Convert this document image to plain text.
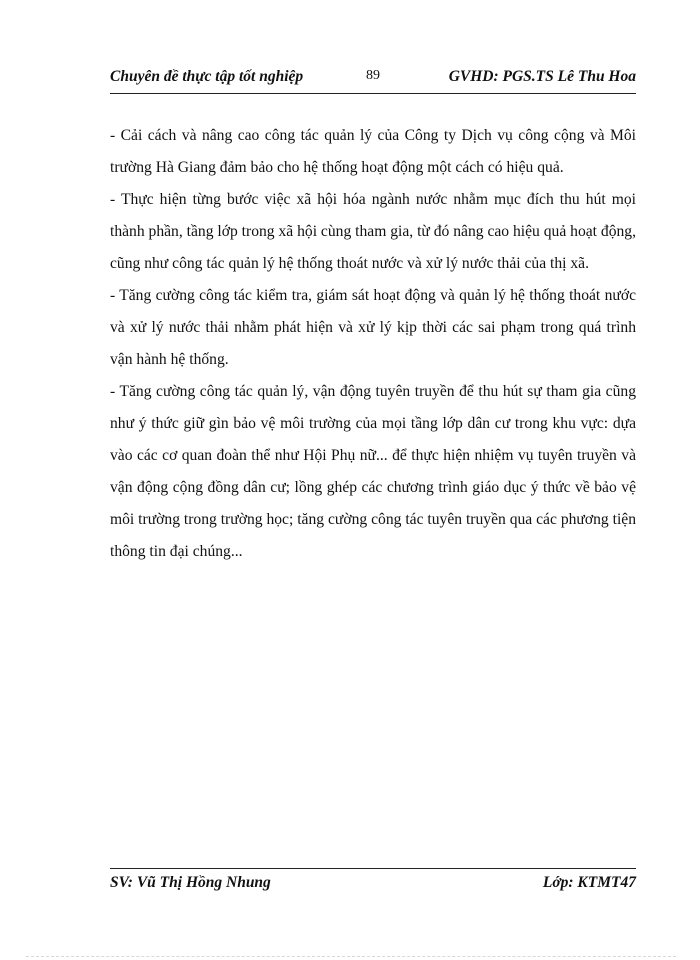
Chuyên đề thực tập tốt nghiệp	89	GVHD: PGS.TS Lê Thu Hoa

- Cải cách và nâng cao công tác quản lý của Công ty Dịch vụ công cộng và Môi trường Hà Giang đảm bảo cho hệ thống hoạt động một cách có hiệu quả.

- Thực hiện từng bước việc xã hội hóa ngành nước nhằm mục đích thu hút mọi thành phần, tầng lớp trong xã hội cùng tham gia, từ đó nâng cao hiệu quả hoạt động, cũng như công tác quản lý hệ thống thoát nước và xử lý nước thải của thị xã.

- Tăng cường công tác kiểm tra, giám sát hoạt động và quản lý hệ thống thoát nước và xử lý nước thải nhằm phát hiện và xử lý kịp thời các sai phạm trong quá trình vận hành hệ thống.

- Tăng cường công tác quản lý, vận động tuyên truyền để thu hút sự tham gia cũng như ý thức giữ gìn bảo vệ môi trường của mọi tầng lớp dân cư trong khu vực: dựa vào các cơ quan đoàn thể như Hội Phụ nữ... để thực hiện nhiệm vụ tuyên truyền và vận động cộng đồng dân cư; lồng ghép các chương trình giáo dục ý thức về bảo vệ môi trường trong trường học; tăng cường công tác tuyên truyền qua các phương tiện thông tin đại chúng...

SV: Vũ Thị Hồng Nhung	Lớp: KTMT47
